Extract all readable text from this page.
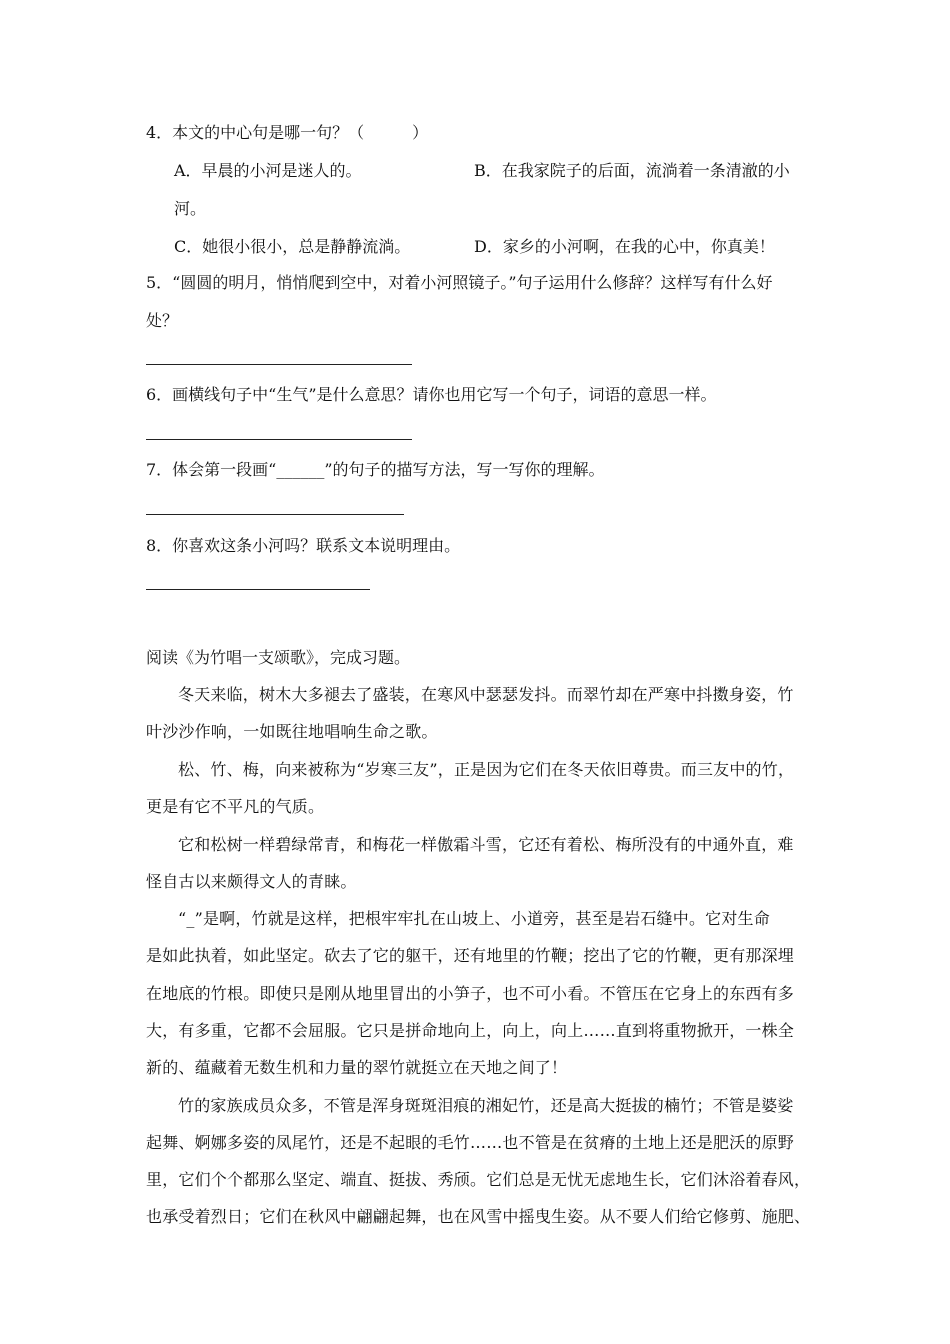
4．本文的中心句是哪一句？（　　　）
A．早晨的小河是迷人的。	B．在我家院子的后面，流淌着一条清澈的小
河。
C．她很小很小，总是静静流淌。	D．家乡的小河啊，在我的心中，你真美！
5．“圆圆的明月，悄悄爬到空中，对着小河照镜子。”句子运用什么修辞？这样写有什么好
处？
6．画横线句子中“生气”是什么意思？请你也用它写一个句子，词语的意思一样。
7．体会第一段画“______”的句子的描写方法，写一写你的理解。
8．你喜欢这条小河吗？联系文本说明理由。
阅读《为竹唱一支颂歌》，完成习题。
冬天来临，树木大多褪去了盛装，在寒风中瑟瑟发抖。而翠竹却在严寒中抖擞身姿，竹
叶沙沙作响，一如既往地唱响生命之歌。
松、竹、梅，向来被称为“岁寒三友”，正是因为它们在冬天依旧尊贵。而三友中的竹，
更是有它不平凡的气质。
它和松树一样碧绿常青，和梅花一样傲霜斗雪，它还有着松、梅所没有的中通外直，难
怪自古以来颇得文人的青睐。
“_”是啊，竹就是这样，把根牢牢扎在山坡上、小道旁，甚至是岩石缝中。它对生命
是如此执着，如此坚定。砍去了它的躯干，还有地里的竹鞭；挖出了它的竹鞭，更有那深埋
在地底的竹根。即使只是刚从地里冒出的小笋子，也不可小看。不管压在它身上的东西有多
大，有多重，它都不会屈服。它只是拼命地向上，向上，向上……直到将重物掀开，一株全
新的、蕴藏着无数生机和力量的翠竹就挺立在天地之间了！
竹的家族成员众多，不管是浑身斑斑泪痕的湘妃竹，还是高大挺拔的楠竹；不管是婆娑
起舞、婀娜多姿的凤尾竹，还是不起眼的毛竹……也不管是在贫瘠的土地上还是肥沃的原野
里，它们个个都那么坚定、端直、挺拔、秀颀。它们总是无忧无虑地生长，它们沐浴着春风，
也承受着烈日；它们在秋风中翩翩起舞，也在风雪中摇曳生姿。从不要人们给它修剪、施肥、
